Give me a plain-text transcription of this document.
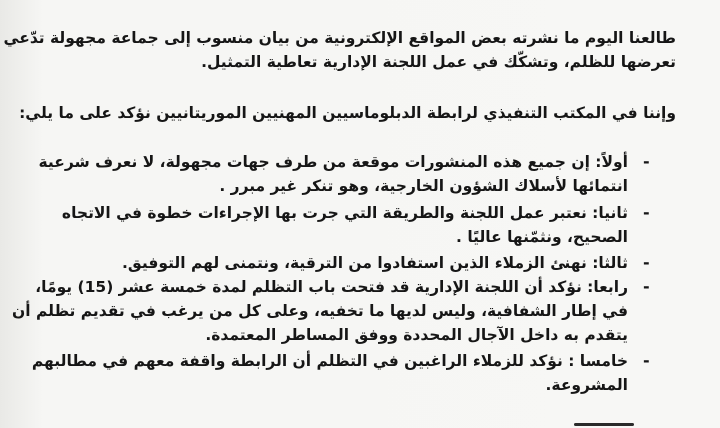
طالعنا اليوم ما نشرته بعض المواقع الإلكترونية من بيان منسوب إلى جماعة مجهولة تدّعي
تعرضها للظلم، وتشكّك في عمل اللجنة الإدارية تعاطية التمثيل.
وإننا في المكتب التنفيذي لرابطة الدبلوماسيين المهنيين الموريتانيين نؤكد على ما يلي:
-
أولاً: إن جميع هذه المنشورات موقعة من طرف جهات مجهولة، لا نعرف شرعية
انتمائها لأسلاك الشؤون الخارجية، وهو تنكر غير مبرر .
-
ثانيا: نعتبر عمل اللجنة والطريقة التي جرت بها الإجراءات خطوة في الاتجاه
الصحيح، ونثمّنها عاليًا .
-
ثالثا: نهنئ الزملاء الذين استفادوا من الترقية، ونتمنى لهم التوفيق.
-
رابعا: نؤكد أن اللجنة الإدارية قد فتحت باب التظلم لمدة خمسة عشر (15) يومًا،
في إطار الشفافية، وليس لديها ما تخفيه، وعلى كل من يرغب في تقديم تظلم أن
يتقدم به داخل الآجال المحددة ووفق المساطر المعتمدة.
-
خامسا : نؤكد للزملاء الراغبين في التظلم أن الرابطة واقفة معهم في مطالبهم
المشروعة.
